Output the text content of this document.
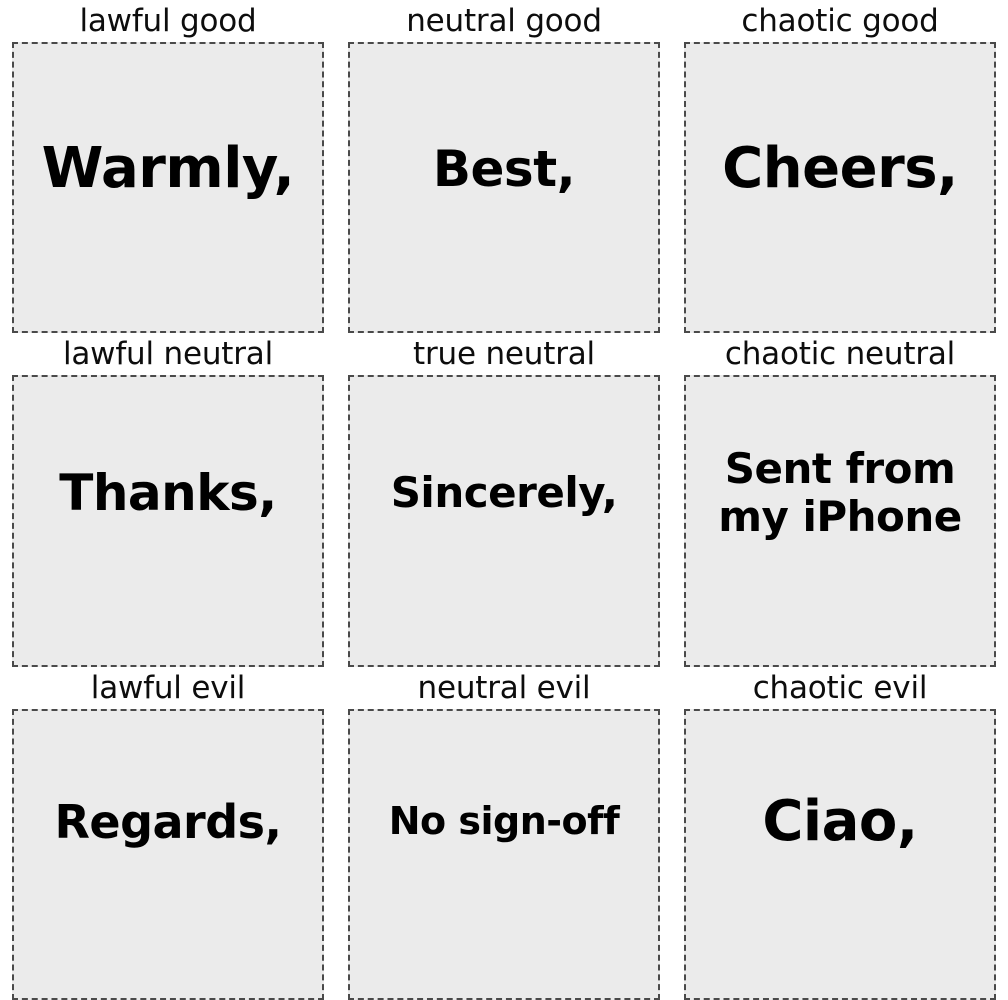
lawful good
Warmly,
neutral good
Best,
chaotic good
Cheers,
lawful neutral
Thanks,
true neutral
Sincerely,
chaotic neutral
Sent from my iPhone
lawful evil
Regards,
neutral evil
No sign-off
chaotic evil
Ciao,
